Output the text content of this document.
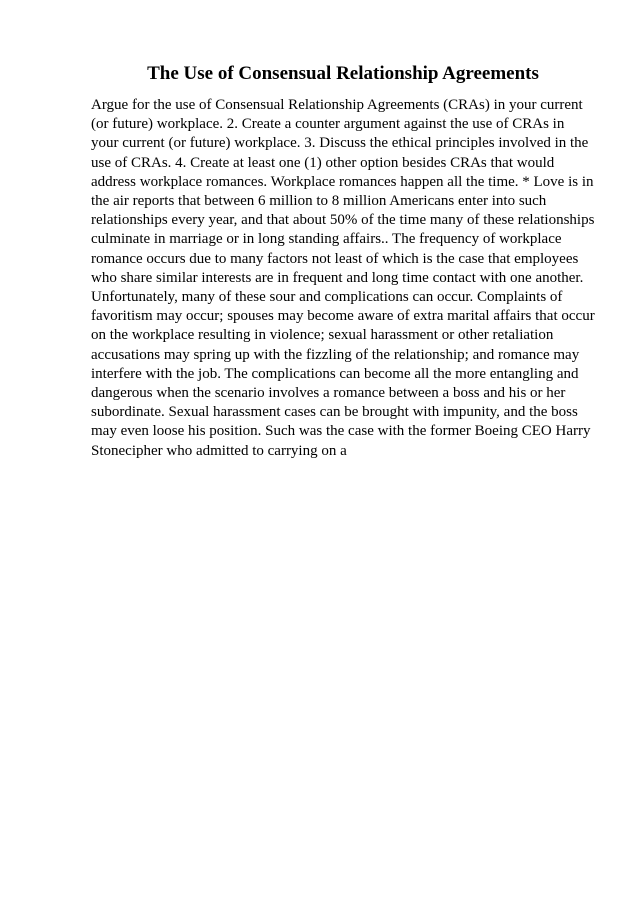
The Use of Consensual Relationship Agreements
Argue for the use of Consensual Relationship Agreements (CRAs) in your current
(or future) workplace. 2. Create a counter argument against the use of CRAs in
your current (or future) workplace. 3. Discuss the ethical principles involved in the
use of CRAs. 4. Create at least one (1) other option besides CRAs that would
address workplace romances. Workplace romances happen all the time. * Love is in
the air reports that between 6 million to 8 million Americans enter into such
relationships every year, and that about 50% of the time many of these relationships
culminate in marriage or in long standing affairs.. The frequency of workplace
romance occurs due to many factors not least of which is the case that employees
who share similar interests are in frequent and long time contact with one another.
Unfortunately, many of these sour and complications can occur. Complaints of
favoritism may occur; spouses may become aware of extra marital affairs that occur
on the workplace resulting in violence; sexual harassment or other retaliation
accusations may spring up with the fizzling of the relationship; and romance may
interfere with the job. The complications can become all the more entangling and
dangerous when the scenario involves a romance between a boss and his or her
subordinate. Sexual harassment cases can be brought with impunity, and the boss
may even loose his position. Such was the case with the former Boeing CEO Harry
Stonecipher who admitted to carrying on a
